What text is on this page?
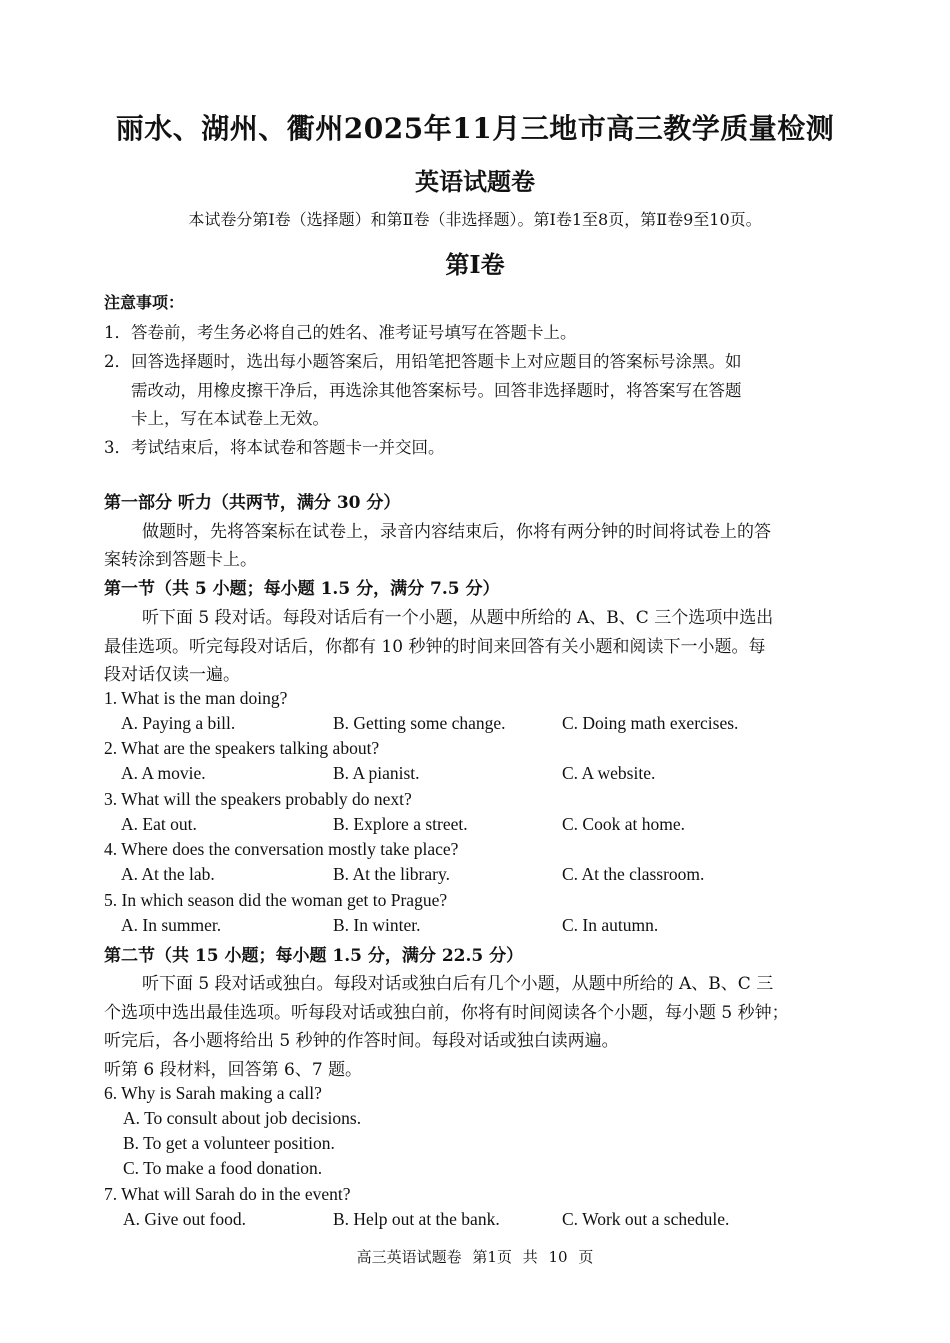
丽水、湖州、衢州2025年11月三地市高三教学质量检测
英语试题卷
本试卷分第Ⅰ卷（选择题）和第Ⅱ卷（非选择题）。第Ⅰ卷1至8页，第Ⅱ卷9至10页。
第Ⅰ卷
注意事项：
1．答卷前，考生务必将自己的姓名、准考证号填写在答题卡上。
2．回答选择题时，选出每小题答案后，用铅笔把答题卡上对应题目的答案标号涂黑。如
需改动，用橡皮擦干净后，再选涂其他答案标号。回答非选择题时，将答案写在答题
卡上，写在本试卷上无效。
3．考试结束后，将本试卷和答题卡一并交回。
第一部分 听力（共两节，满分 30 分）
做题时，先将答案标在试卷上，录音内容结束后，你将有两分钟的时间将试卷上的答
案转涂到答题卡上。
第一节（共 5 小题；每小题 1.5 分，满分 7.5 分）
听下面 5 段对话。每段对话后有一个小题，从题中所给的 A、B、C 三个选项中选出
最佳选项。听完每段对话后，你都有 10 秒钟的时间来回答有关小题和阅读下一小题。每
段对话仅读一遍。
1. What is the man doing?
A. Paying a bill.	B. Getting some change.	C. Doing math exercises.
2. What are the speakers talking about?
A. A movie.	B. A pianist.	C. A website.
3. What will the speakers probably do next?
A. Eat out.	B. Explore a street.	C. Cook at home.
4. Where does the conversation mostly take place?
A. At the lab.	B. At the library.	C. At the classroom.
5. In which season did the woman get to Prague?
A. In summer.	B. In winter.	C. In autumn.
第二节（共 15 小题；每小题 1.5 分，满分 22.5 分）
听下面 5 段对话或独白。每段对话或独白后有几个小题，从题中所给的 A、B、C 三
个选项中选出最佳选项。听每段对话或独白前，你将有时间阅读各个小题，每小题 5 秒钟；
听完后，各小题将给出 5 秒钟的作答时间。每段对话或独白读两遍。
听第 6 段材料，回答第 6、7 题。
6. Why is Sarah making a call?
A. To consult about job decisions.
B. To get a volunteer position.
C. To make a food donation.
7. What will Sarah do in the event?
A. Give out food.	B. Help out at the bank.	C. Work out a schedule.
高三英语试题卷 第1页 共 10 页
